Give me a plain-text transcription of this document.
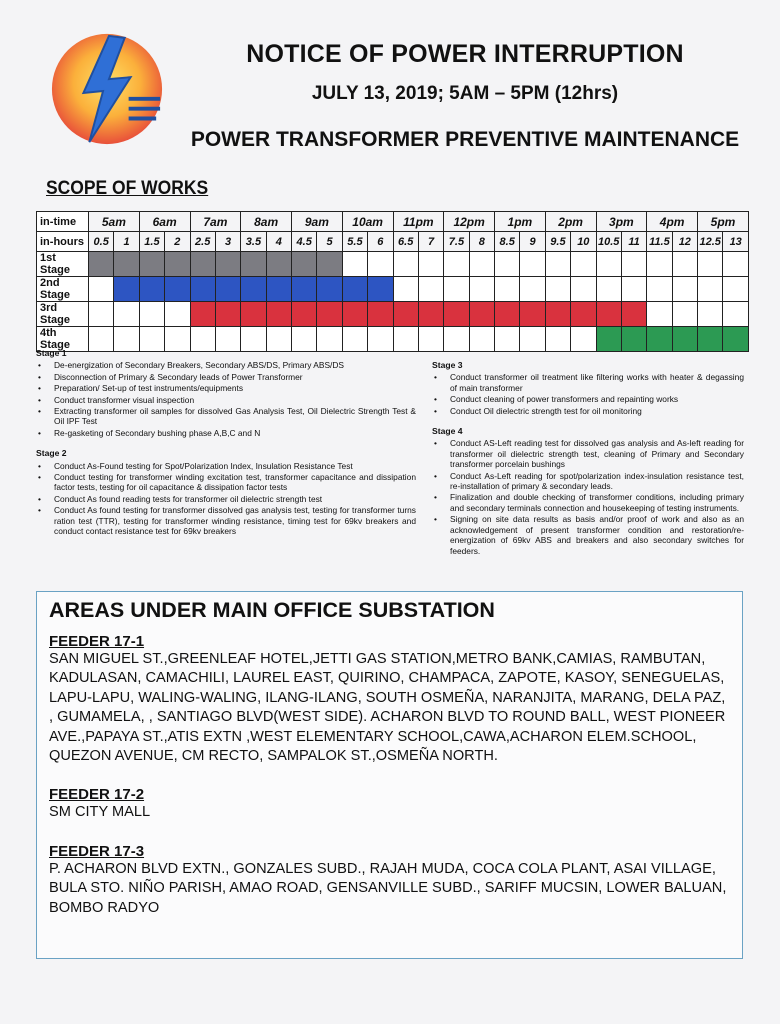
NOTICE OF POWER INTERRUPTION
JULY 13, 2019; 5AM – 5PM (12hrs)
POWER TRANSFORMER PREVENTIVE MAINTENANCE
SCOPE OF WORKS
in-time	5am		6am		7am		8am		9am		10am		11pm		12pm		1pm		2pm		3pm		4pm		5pm	
in-hours	0.5	1	1.5	2	2.5	3	3.5	4	4.5	5	5.5	6	6.5	7	7.5	8	8.5	9	9.5	10	10.5	11	11.5	12	12.5	13
1st Stage																										
2nd Stage																										
3rd Stage																										
4th Stage																										
Stage 1
• De-energization of Secondary Breakers, Secondary ABS/DS, Primary ABS/DS
• Disconnection of Primary & Secondary leads of Power Transformer
• Preparation/ Set-up of test instruments/equipments
• Conduct transformer visual inspection
• Extracting transformer oil samples for dissolved Gas Analysis Test, Oil Dielectric Strength Test & Oil IPF Test
• Re-gasketing of Secondary bushing phase A,B,C and N
Stage 2
• Conduct As-Found testing for Spot/Polarization Index, Insulation Resistance Test
• Conduct testing for transformer winding excitation test, transformer capacitance and dissipation factor tests, testing for oil capacitance & dissipation factor tests
• Conduct As found reading tests for transformer oil dielectric strength test
• Conduct As found testing for transformer dissolved gas analysis test, testing for transformer turns ration test (TTR), testing for transformer winding resistance, timing test for 69kv breakers and conduct contact resistance test for 69kv breakers
Stage 3
• Conduct transformer oil treatment like filtering works with heater & degassing of main transformer
• Conduct cleaning of power transformers and repainting works
• Conduct Oil dielectric strength test for oil monitoring
Stage 4
• Conduct AS-Left reading test for dissolved gas analysis and As-left reading for transformer oil dielectric strength test, cleaning of Primary and Secondary transformer porcelain bushings
• Conduct As-Left reading for spot/polarization index-insulation resistance test, re-installation of primary & secondary leads.
• Finalization and double checking of transformer conditions, including primary and secondary terminals connection and housekeeping of testing instruments.
• Signing on site data results as basis and/or proof of work and also as an acknowledgement of present transformer condition and restoration/re-energization of 69kv ABS and breakers and also secondary switches for feeders.
AREAS UNDER MAIN OFFICE SUBSTATION
FEEDER 17-1

SAN MIGUEL ST.,GREENLEAF HOTEL,JETTI GAS STATION,METRO BANK,CAMIAS, RAMBUTAN, KADULASAN, CAMACHILI, LAUREL EAST, QUIRINO, CHAMPACA, ZAPOTE, KASOY, SENEGUELAS, LAPU-LAPU, WALING-WALING, ILANG-ILANG, SOUTH OSMEÑA, NARANJITA, MARANG, DELA PAZ, , GUMAMELA, , SANTIAGO BLVD(WEST SIDE). ACHARON BLVD TO ROUND BALL, WEST PIONEER AVE.,PAPAYA ST.,ATIS EXTN ,WEST ELEMENTARY SCHOOL,CAWA,ACHARON ELEM.SCHOOL, QUEZON AVENUE, CM RECTO, SAMPALOK ST.,OSMEÑA NORTH.

FEEDER 17-2

SM CITY MALL

FEEDER 17-3

P. ACHARON BLVD EXTN., GONZALES SUBD., RAJAH MUDA, COCA COLA PLANT, ASAI VILLAGE, BULA STO. NIÑO PARISH, AMAO ROAD, GENSANVILLE SUBD., SARIFF MUCSIN, LOWER BALUAN, BOMBO RADYO
